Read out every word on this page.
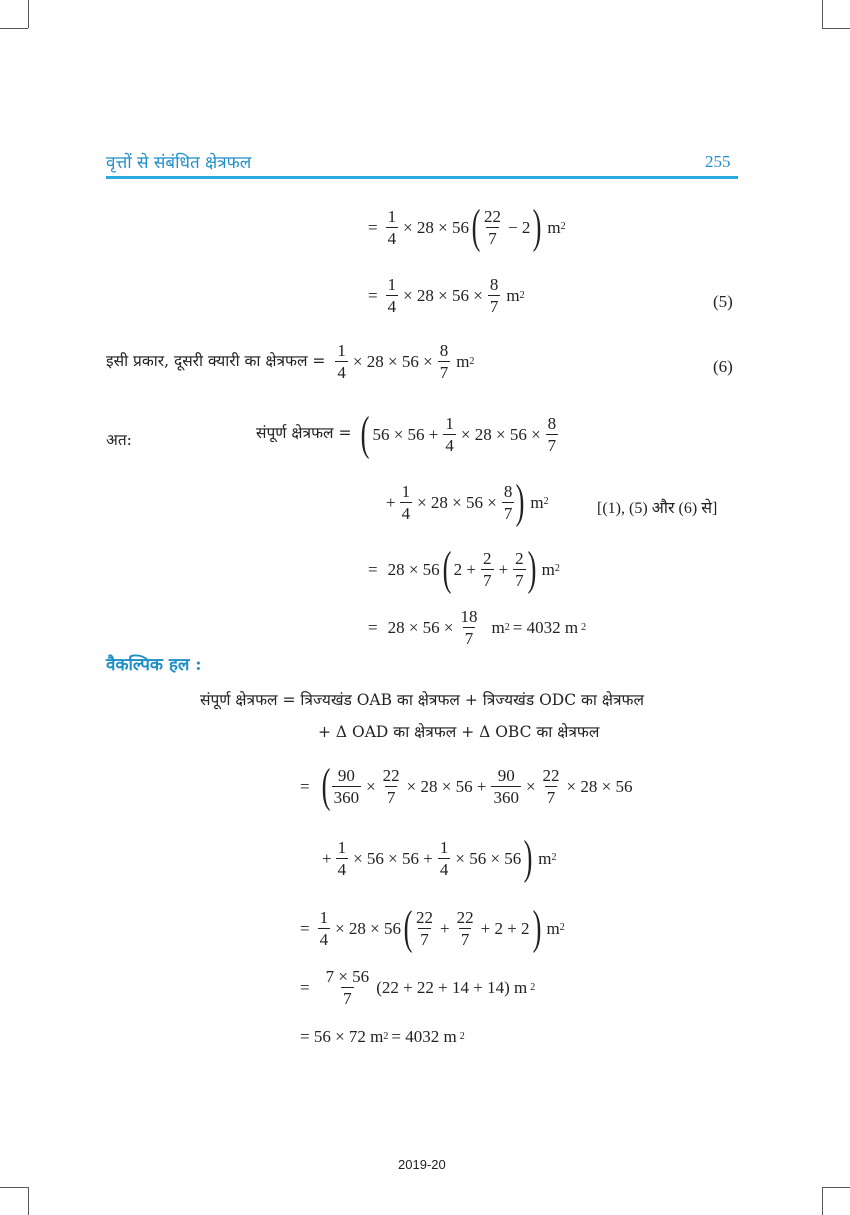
वृत्तों से संबंधित क्षेत्रफल	255
= $\frac{1}{4} \times 28 \times 56$ ( $\frac{22}{7} - 2$ ) m 2
= $\frac{1}{4} \times 28 \times 56 \times \frac{8}{7}$ m 2	(5)
इसी प्रकार, दूसरी क्यारी का क्षेत्रफल = $\frac{1}{4} \times 28 \times 56 \times \frac{8}{7}$ m 2	(6)
अत:	संपूर्ण क्षेत्रफल = ( $56 \times 56 + \frac{1}{4} \times 28 \times 56 \times \frac{8}{7}$
+ $\frac{1}{4} \times 28 \times 56 \times \frac{8}{7}$ ) m 2	[(1), (5) और (6) से]
= 28 × 56 ( $2 + \frac{2}{7} + \frac{2}{7}$ ) m 2
= $28 \times 56 \times \frac{18}{7}$ m 2 = 4032 m 2
वैकल्पिक हल :
संपूर्ण क्षेत्रफल = त्रिज्यखंड OAB का क्षेत्रफल + त्रिज्यखंड ODC का क्षेत्रफल
+ Δ OAD का क्षेत्रफल + Δ OBC का क्षेत्रफल
= ( $\frac{90}{360} \times \frac{22}{7} \times 28 \times 56 + \frac{90}{360} \times \frac{22}{7} \times 28 \times 56$
+ $\frac{1}{4} \times 56 \times 56 + \frac{1}{4} \times 56 \times 56$ ) m 2
= $\frac{1}{4} \times 28 \times 56$ ( $\frac{22}{7} + \frac{22}{7} + 2 + 2$ ) m 2
= $\frac{7 \times 56}{7} (22 + 22 + 14 + 14)$ m 2
= 56 × 72 m 2 = 4032 m 2
2019-20
